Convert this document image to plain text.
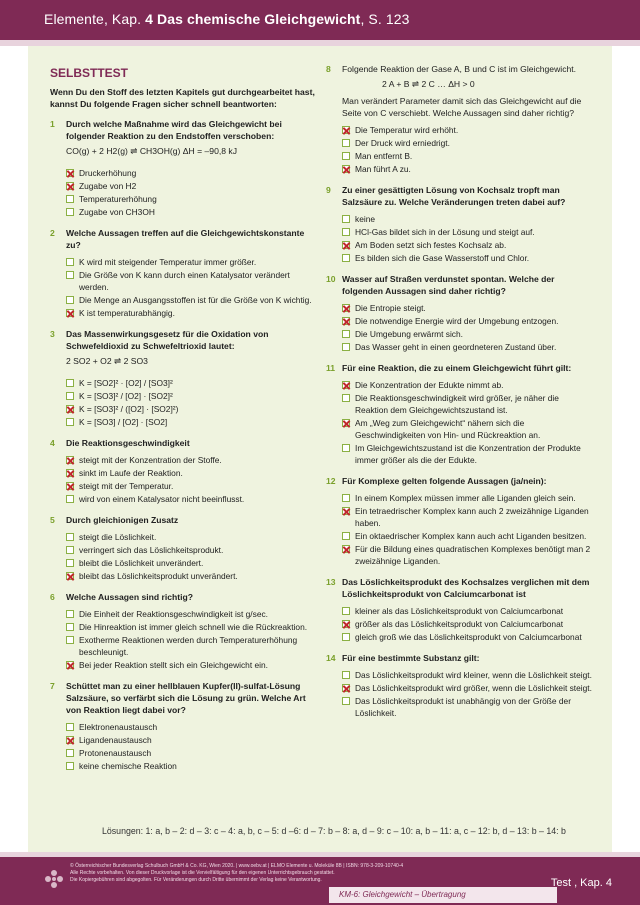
Elemente, Kap. 4 Das chemische Gleichgewicht, S. 123
SELBSTTEST
Wenn Du den Stoff des letzten Kapitels gut durchgearbeitet hast, kannst Du folgende Fragen sicher schnell beantworten:
1 Durch welche Maßnahme wird das Gleichgewicht bei folgender Reaktion zu den Endstoffen verschoben:
CO(g) + 2 H2(g) ⇌ CH3OH(g) ΔH = –90,8 kJ
Druckerhöhung
Zugabe von H2
Temperaturerhöhung
Zugabe von CH3OH
2 Welche Aussagen treffen auf die Gleichgewichtskonstante zu?
K wird mit steigender Temperatur immer größer.
Die Größe von K kann durch einen Katalysator verändert werden.
Die Menge an Ausgangsstoffen ist für die Größe von K wichtig.
K ist temperaturabhängig.
3 Das Massenwirkungsgesetz für die Oxidation von Schwefeldioxid zu Schwefeltrioxid lautet:
2 SO2 + O2 ⇌ 2 SO3
K = [SO2]² · [O2] / [SO3]²
K = [SO3]² / [O2] · [SO2]²
K = [SO3]² / ([O2] · [SO2]²)
K = [SO3] / [O2] · [SO2]
4 Die Reaktionsgeschwindigkeit
steigt mit der Konzentration der Stoffe.
sinkt im Laufe der Reaktion.
steigt mit der Temperatur.
wird von einem Katalysator nicht beeinflusst.
5 Durch gleichionigen Zusatz
steigt die Löslichkeit.
verringert sich das Löslichkeitsprodukt.
bleibt die Löslichkeit unverändert.
bleibt das Löslichkeitsprodukt unverändert.
6 Welche Aussagen sind richtig?
Die Einheit der Reaktionsgeschwindigkeit ist g/sec.
Die Hinreaktion ist immer gleich schnell wie die Rückreaktion.
Exotherme Reaktionen werden durch Temperaturerhöhung beschleunigt.
Bei jeder Reaktion stellt sich ein Gleichgewicht ein.
7 Schüttet man zu einer hellblauen Kupfer(II)-sulfat-Lösung Salzsäure, so verfärbt sich die Lösung zu grün. Welche Art von Reaktion liegt dabei vor?
Elektronenaustausch
Ligandenaustausch
Protonenaustausch
keine chemische Reaktion
8 Folgende Reaktion der Gase A, B und C ist im Gleichgewicht.
2 A + B ⇌ 2 C … ΔH > 0
Man verändert Parameter damit sich das Gleichgewicht auf die Seite von C verschiebt. Welche Aussagen sind daher richtig?
Die Temperatur wird erhöht.
Der Druck wird erniedrigt.
Man entfernt B.
Man führt A zu.
9 Zu einer gesättigten Lösung von Kochsalz tropft man Salzsäure zu. Welche Veränderungen treten dabei auf?
keine
HCl-Gas bildet sich in der Lösung und steigt auf.
Am Boden setzt sich festes Kochsalz ab.
Es bilden sich die Gase Wasserstoff und Chlor.
10 Wasser auf Straßen verdunstet spontan. Welche der folgenden Aussagen sind daher richtig?
Die Entropie steigt.
Die notwendige Energie wird der Umgebung entzogen.
Die Umgebung erwärmt sich.
Das Wasser geht in einen geordneteren Zustand über.
11 Für eine Reaktion, die zu einem Gleichgewicht führt gilt:
Die Konzentration der Edukte nimmt ab.
Die Reaktionsgeschwindigkeit wird größer, je näher die Reaktion dem Gleichgewichtszustand ist.
Am „Weg zum Gleichgewicht“ nähern sich die Geschwindigkeiten von Hin- und Rückreaktion an.
Im Gleichgewichtszustand ist die Konzentration der Produkte immer größer als die der Edukte.
12 Für Komplexe gelten folgende Aussagen (ja/nein):
In einem Komplex müssen immer alle Liganden gleich sein.
Ein tetraedrischer Komplex kann auch 2 zweizähnige Liganden haben.
Ein oktaedrischer Komplex kann auch acht Liganden besitzen.
Für die Bildung eines quadratischen Komplexes benötigt man 2 zweizähnige Liganden.
13 Das Löslichkeitsprodukt des Kochsalzes verglichen mit dem Löslichkeitsprodukt von Calciumcarbonat ist
kleiner als das Löslichkeitsprodukt von Calciumcarbonat
größer als das Löslichkeitsprodukt von Calciumcarbonat
gleich groß wie das Löslichkeitsprodukt von Calciumcarbonat
14 Für eine bestimmte Substanz gilt:
Das Löslichkeitsprodukt wird kleiner, wenn die Löslichkeit steigt.
Das Löslichkeitsprodukt wird größer, wenn die Löslichkeit steigt.
Das Löslichkeitsprodukt ist unabhängig von der Größe der Löslichkeit.
Lösungen: 1: a, b – 2: d – 3: c – 4: a, b, c – 5: d –6: d – 7: b – 8: a, d – 9: c – 10: a, b – 11: a, c – 12: b, d – 13: b – 14: b
© Österreichischer Bundesverlag Schulbuch GmbH & Co. KG, Wien 2020. | www.oebv.at | ELMO Elemente u. Moleküle 8B | ISBN: 978-3-209-10740-4
Alle Rechte vorbehalten. Von dieser Druckvorlage ist die Vervielfältigung für den eigenen Unterrichtsgebrauch gestattet.
Die Kopiergebühren sind abgegolten. Für Veränderungen durch Dritte übernimmt der Verlag keine Verantwortung.
KM-6: Gleichgewicht – Übertragung
Test , Kap. 4
